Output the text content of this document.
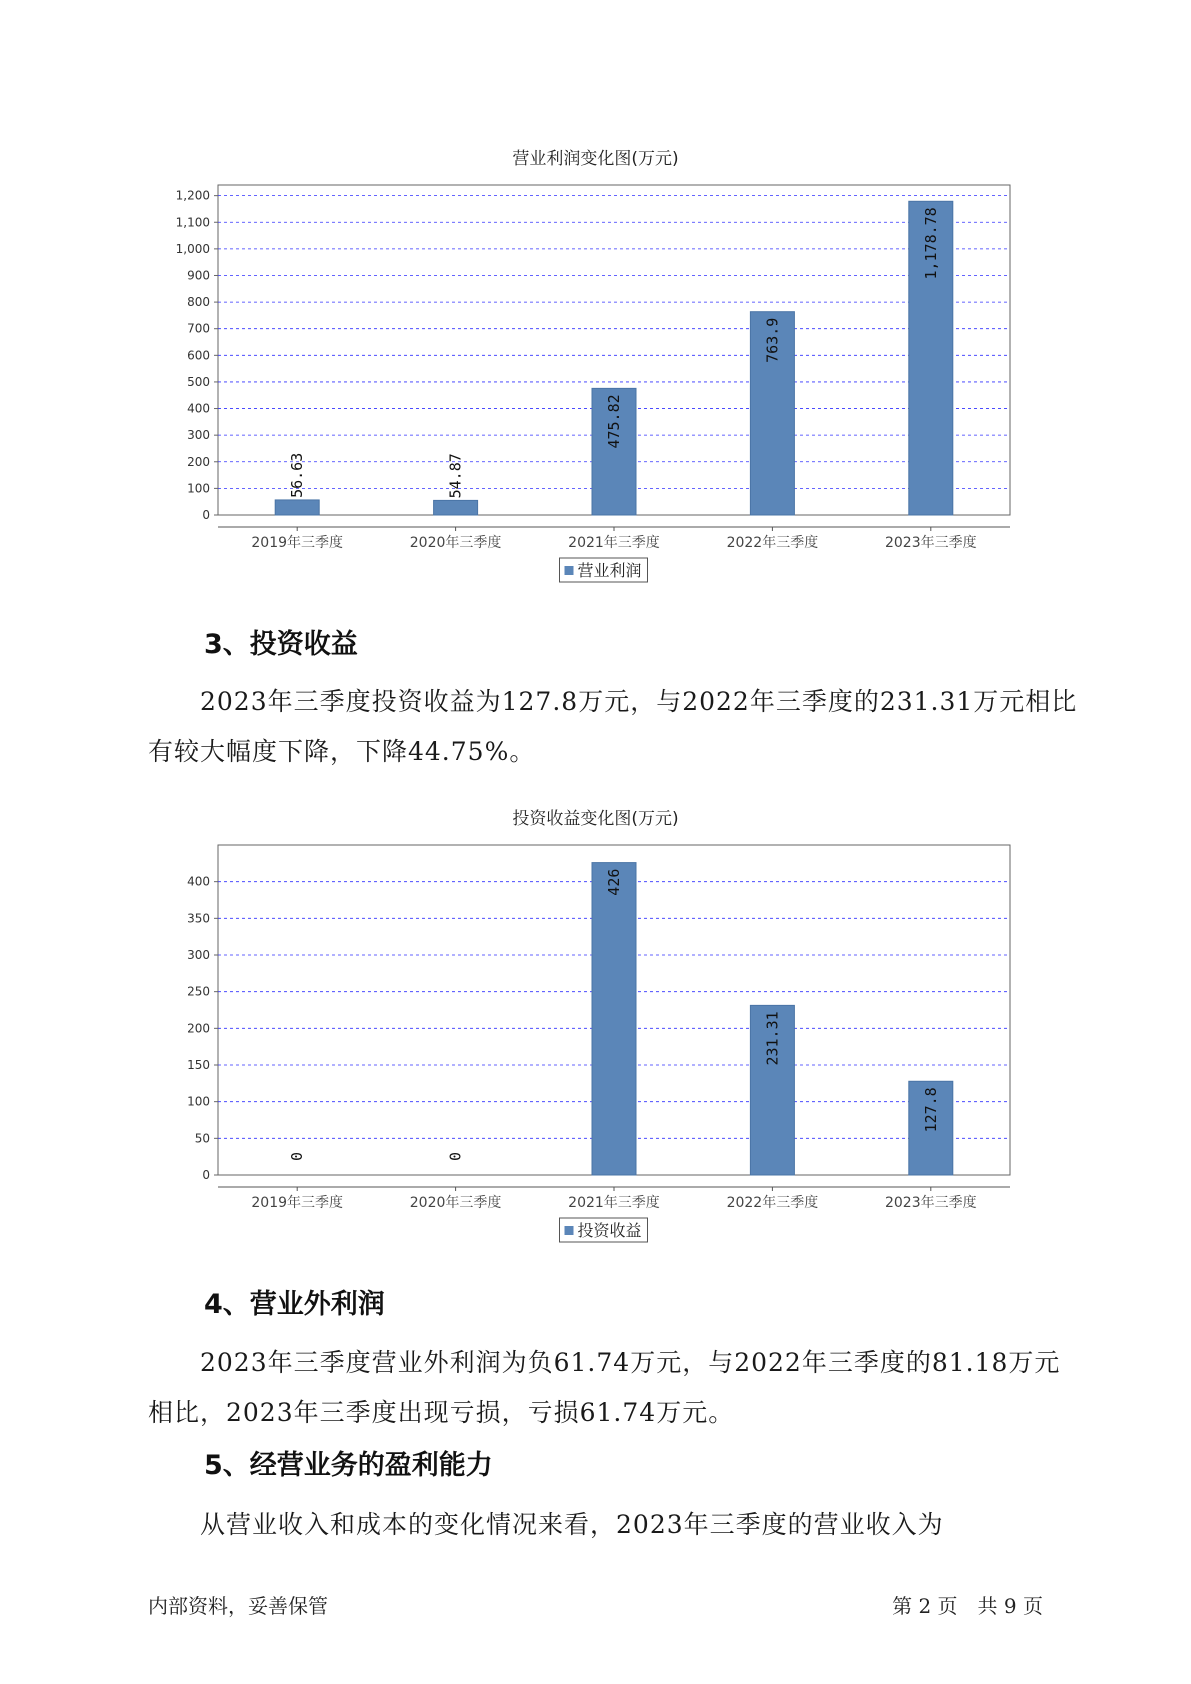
营业利润变化图(万元)
0
100
200
300
400
500
600
700
800
900
1,000
1,100
1,200
2019年三季度
56.63
2020年三季度
54.87
2021年三季度
475.82
2022年三季度
763.9
2023年三季度
1,178.78
营业利润
3、投资收益

2023年三季度投资收益为127.8万元，与2022年三季度的231.31万元相比有较大幅度下降，下降44.75%。

投资收益变化图(万元)
0
50
100
150
200
250
300
350
400
2019年三季度
0
2020年三季度
0
2021年三季度
426
2022年三季度
231.31
2023年三季度
127.8
投资收益
4、营业外利润

2023年三季度营业外利润为负61.74万元，与2022年三季度的81.18万元相比，2023年三季度出现亏损，亏损61.74万元。

5、经营业务的盈利能力

从营业收入和成本的变化情况来看，2023年三季度的营业收入为

内部资料，妥善保管	第 2 页　共 9 页
